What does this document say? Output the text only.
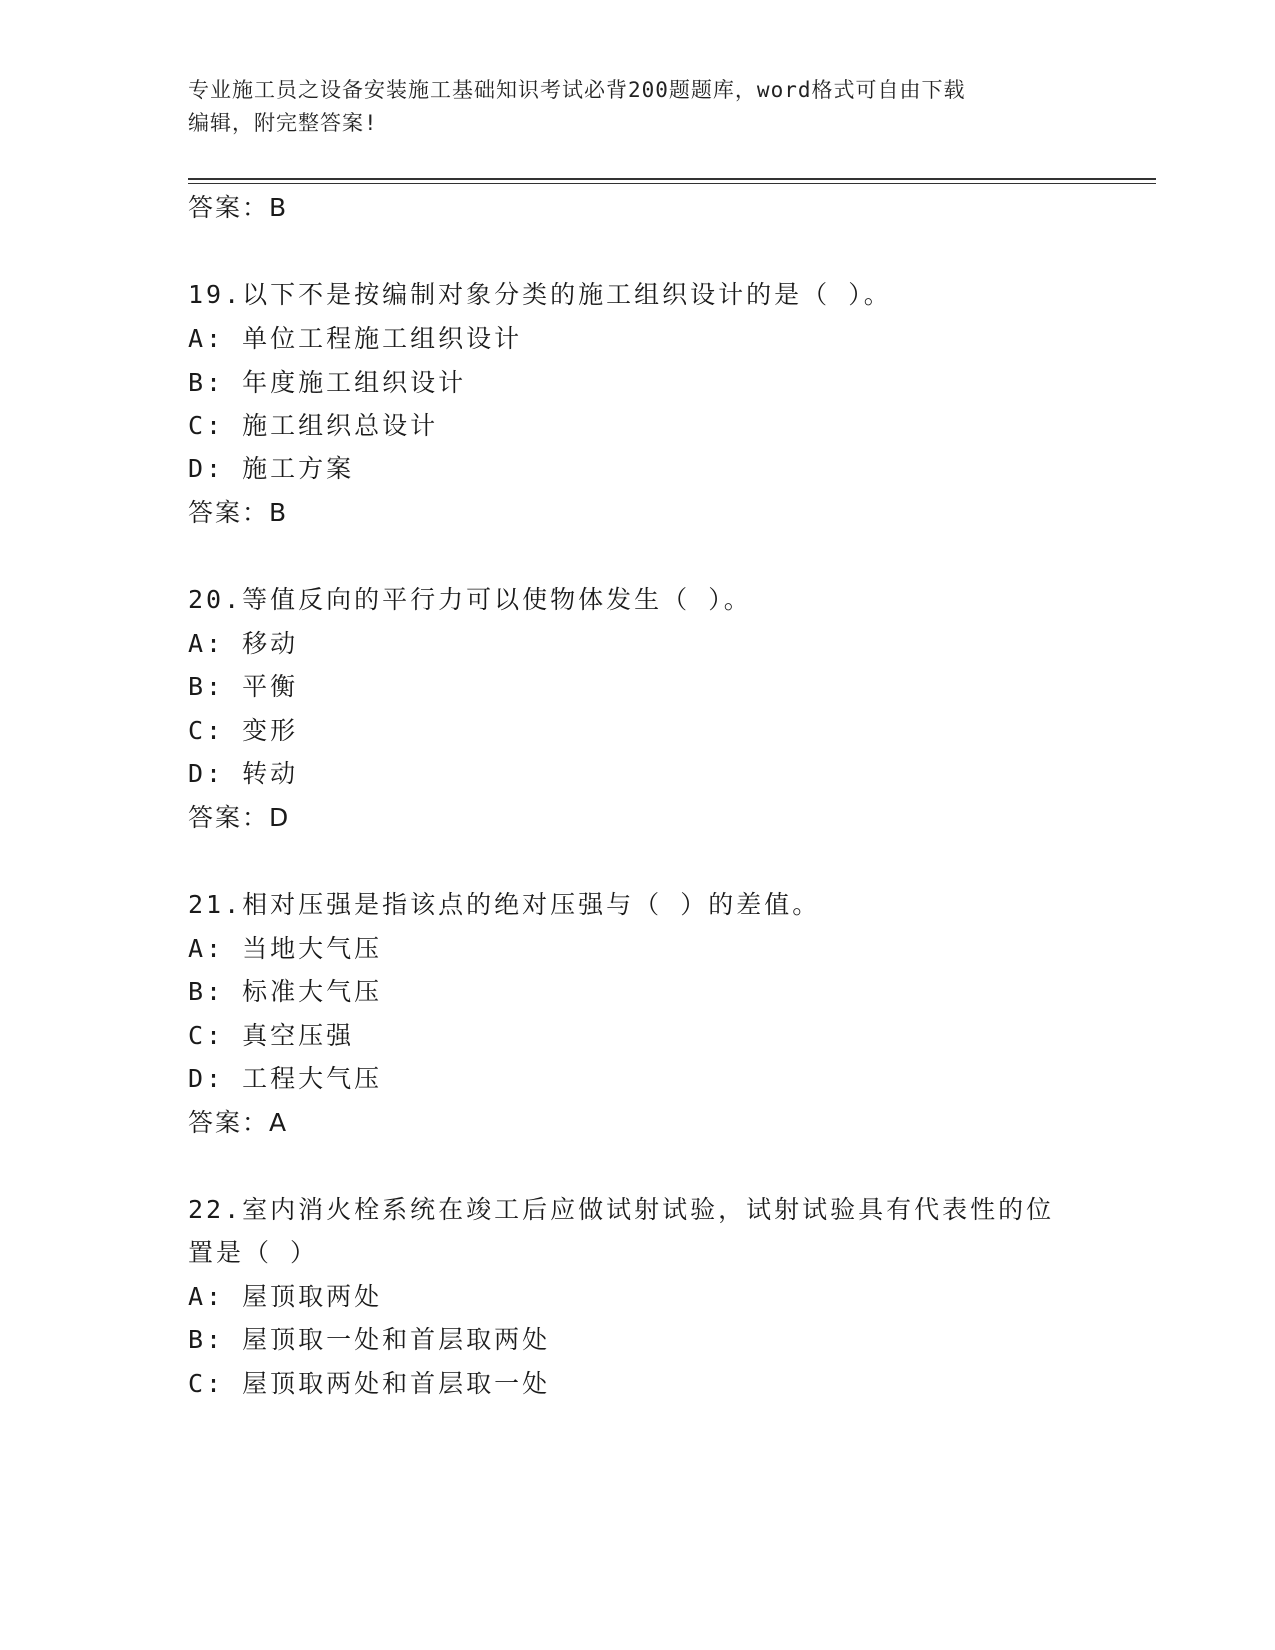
专业施工员之设备安装施工基础知识考试必背200题题库，word格式可自由下载
编辑，附完整答案!
答案：B
19.以下不是按编制对象分类的施工组织设计的是（ ）。
A: 单位工程施工组织设计
B: 年度施工组织设计
C: 施工组织总设计
D: 施工方案
答案：B
20.等值反向的平行力可以使物体发生（ ）。
A: 移动
B: 平衡
C: 变形
D: 转动
答案：D
21.相对压强是指该点的绝对压强与（ ）的差值。
A: 当地大气压
B: 标准大气压
C: 真空压强
D: 工程大气压
答案：A
22.室内消火栓系统在竣工后应做试射试验，试射试验具有代表性的位
置是（ ）
A: 屋顶取两处
B: 屋顶取一处和首层取两处
C: 屋顶取两处和首层取一处
